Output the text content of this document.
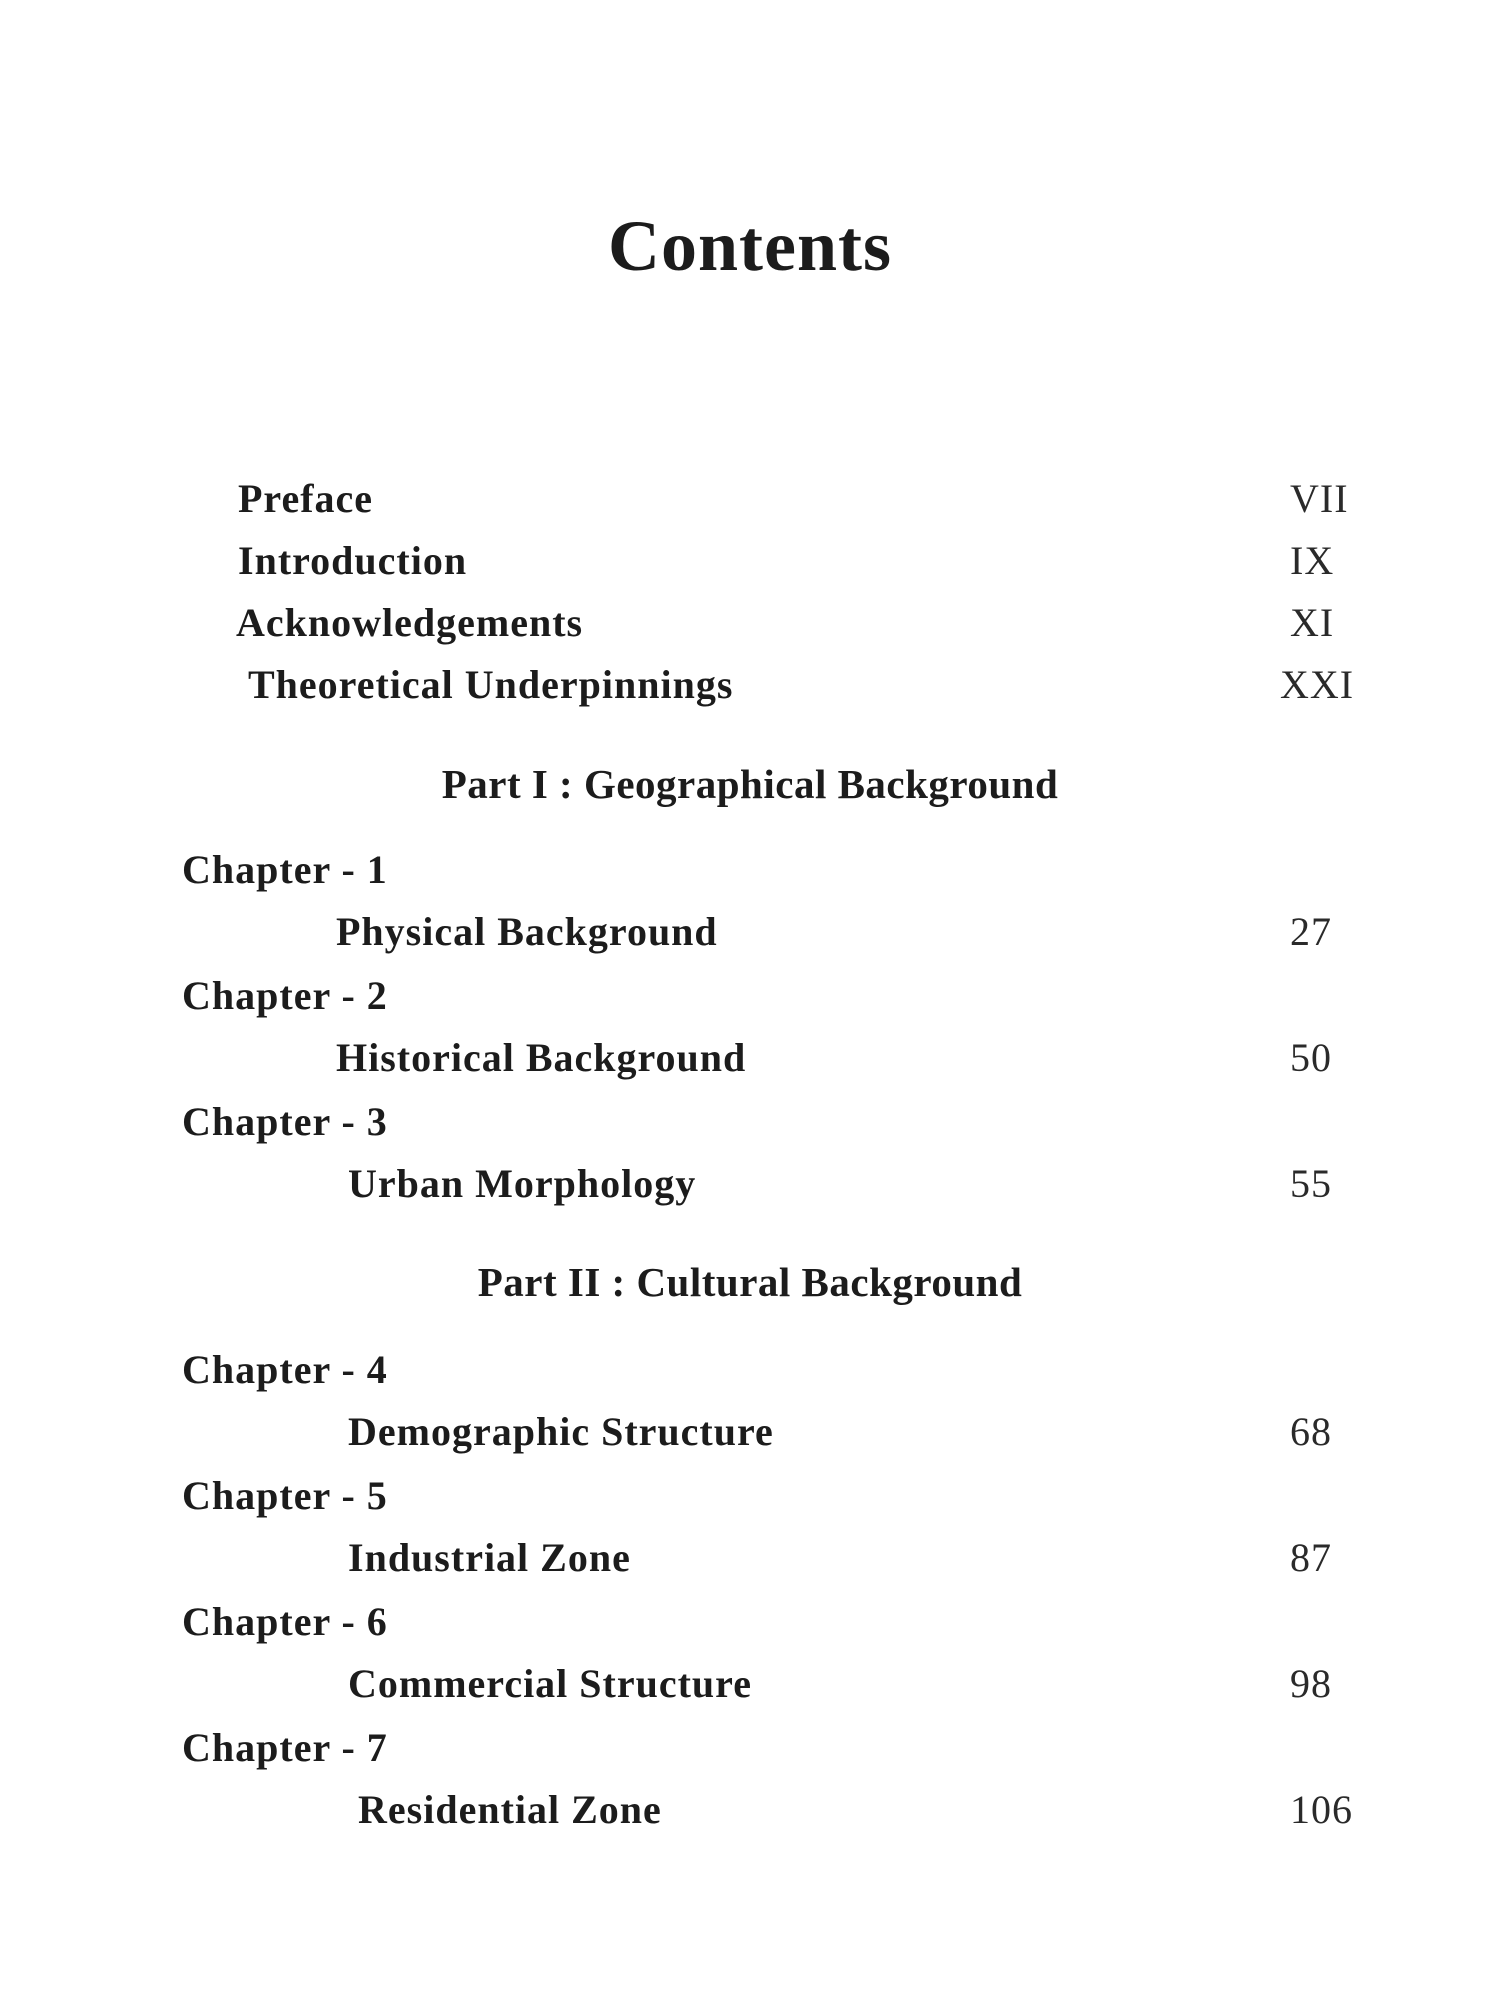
Contents
Preface	VII
Introduction	IX
Acknowledgements	XI
Theoretical Underpinnings	XXI
Part I : Geographical Background
Chapter - 1
Physical Background	27
Chapter - 2
Historical Background	50
Chapter - 3
Urban Morphology	55
Part II : Cultural Background
Chapter - 4
Demographic Structure	68
Chapter - 5
Industrial Zone	87
Chapter - 6
Commercial Structure	98
Chapter - 7
Residential Zone	106
